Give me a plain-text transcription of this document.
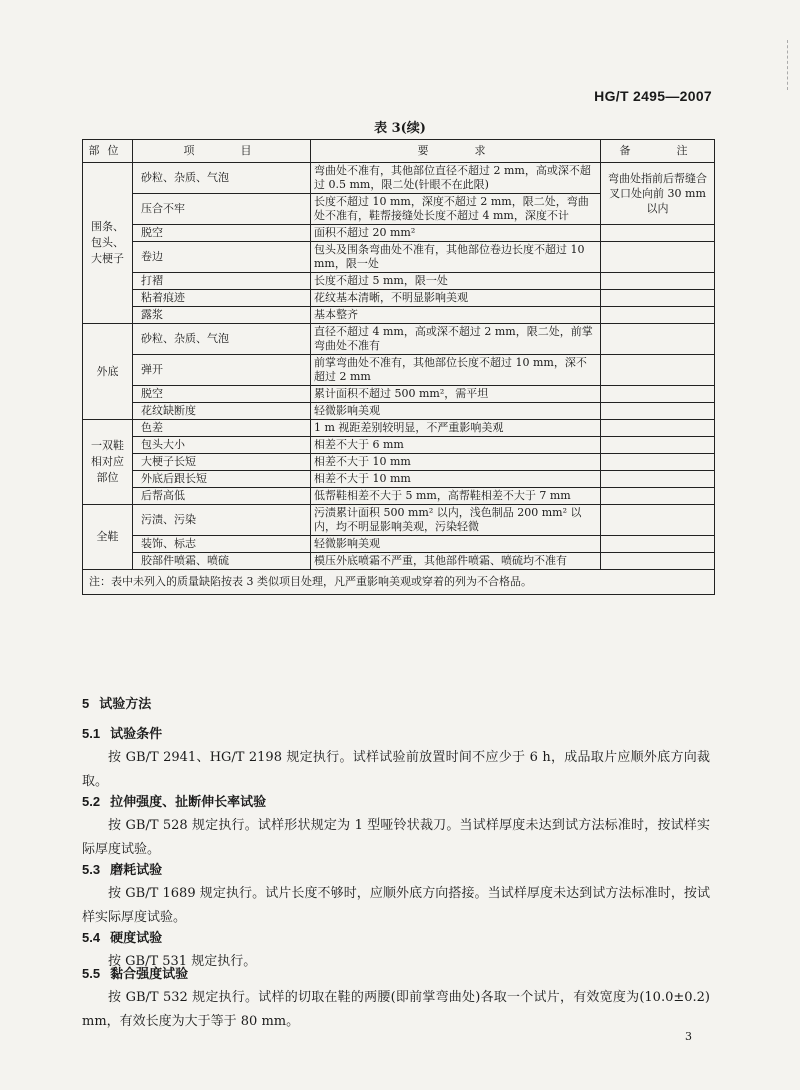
HG/T 2495—2007
表 3(续)
部位	项　　目	要　　求	备　　注
围条、包头、大梗子	砂粒、杂质、气泡	弯曲处不准有，其他部位直径不超过 2 mm，高或深不超过 0.5 mm，限二处(针眼不在此限)	弯曲处指前后帮缝合叉口处向前 30 mm 以内
	压合不牢	长度不超过 10 mm，深度不超过 2 mm，限二处，弯曲处不准有，鞋帮接缝处长度不超过 4 mm，深度不计	
	脱空	面积不超过 20 mm²	
	卷边	包头及围条弯曲处不准有，其他部位卷边长度不超过 10 mm，限一处	
	打褶	长度不超过 5 mm，限一处	
	粘着痕迹	花纹基本清晰，不明显影响美观	
	露浆	基本整齐	
外底	砂粒、杂质、气泡	直径不超过 4 mm，高或深不超过 2 mm，限二处，前掌弯曲处不准有	
	弹开	前掌弯曲处不准有，其他部位长度不超过 10 mm，深不超过 2 mm	
	脱空	累计面积不超过 500 mm²，需平坦	
	花纹缺断度	轻微影响美观	
一双鞋相对应部位	色差	1 m 视距差别较明显，不严重影响美观	
	包头大小	相差不大于 6 mm	
	大梗子长短	相差不大于 10 mm	
	外底后跟长短	相差不大于 10 mm	
	后帮高低	低帮鞋相差不大于 5 mm，高帮鞋相差不大于 7 mm	
全鞋	污渍、污染	污渍累计面积 500 mm² 以内，浅色制品 200 mm² 以内，均不明显影响美观，污染轻微	
	装饰、标志	轻微影响美观	
	胶部件喷霜、喷硫	模压外底喷霜不严重，其他部件喷霜、喷硫均不准有	
注：表中未列入的质量缺陷按表 3 类似项目处理，凡严重影响美观或穿着的列为不合格品。			
5 试验方法
5.1 试验条件
按 GB/T 2941、HG/T 2198 规定执行。试样试验前放置时间不应少于 6 h，成品取片应顺外底方向裁取。
5.2 拉伸强度、扯断伸长率试验
按 GB/T 528 规定执行。试样形状规定为 1 型哑铃状裁刀。当试样厚度未达到试方法标准时，按试样实际厚度试验。
5.3 磨耗试验
按 GB/T 1689 规定执行。试片长度不够时，应顺外底方向搭接。当试样厚度未达到试方法标准时，按试样实际厚度试验。
5.4 硬度试验
按 GB/T 531 规定执行。
5.5 黏合强度试验
按 GB/T 532 规定执行。试样的切取在鞋的两腰(即前掌弯曲处)各取一个试片，有效宽度为(10.0±0.2) mm，有效长度为大于等于 80 mm。
3
